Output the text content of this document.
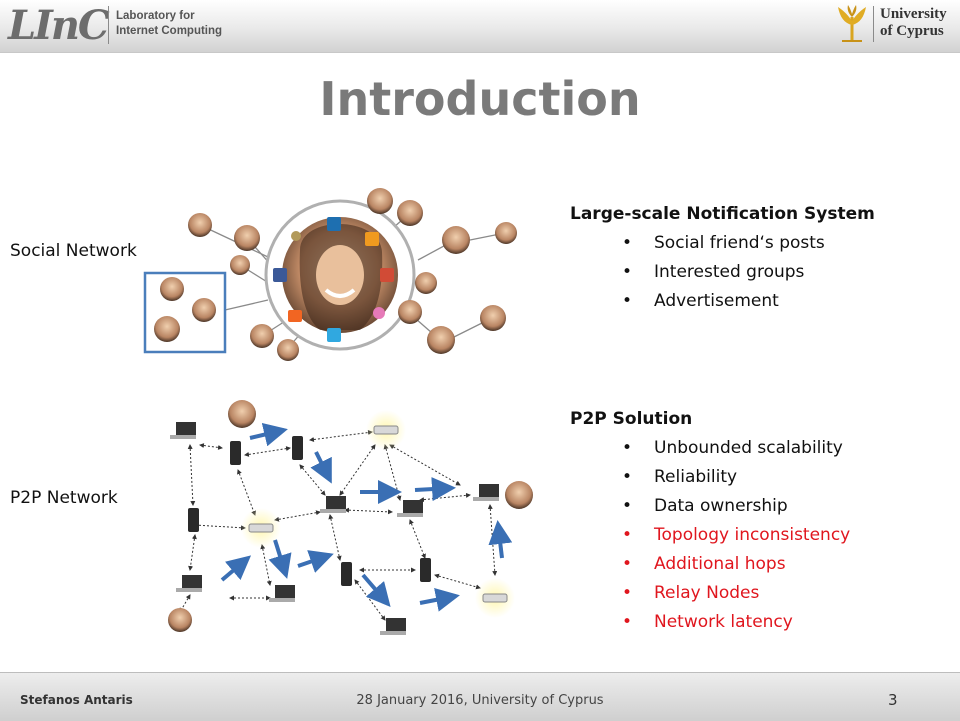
LInC Laboratory for
Internet Computing
University
of Cyprus
Introduction
Social Network
P2P Network
Large-scale Notification System
• Social friend‘s posts
• Interested groups
• Advertisement
P2P Solution
• Unbounded scalability
• Reliability
• Data ownership
• Topology inconsistency
• Additional hops
• Relay Nodes
• Network latency
Stefanos Antaris	28 January 2016, University of Cyprus	3
